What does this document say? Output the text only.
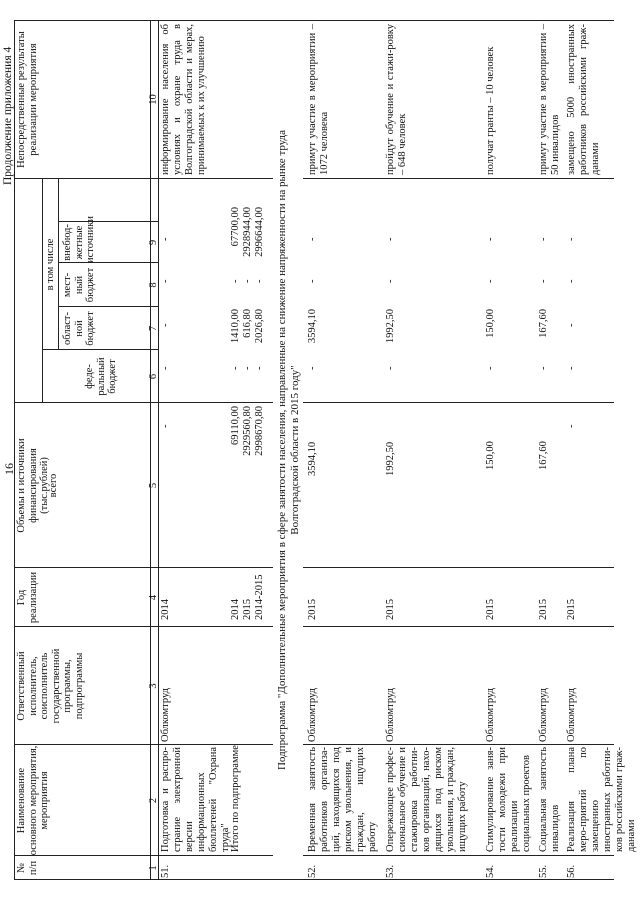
16
Продолжение приложения 4
№
п/п
Наименование
основного мероприятия,
мероприятия
Ответственный
исполнитель,
соисполнитель
государственной
программы,
подпрограммы
Год
реализации
Объемы и источники финансирования
(тыс.рублей)
всего
в том числе
феде-
ральный
бюджет
област-
ной
бюджет
мест-
ный
бюджет
внебюд-
жетные
источники
Непосредственные результаты
реализации мероприятия
1
2
3
4
5
6
7
8
9
10
51.
Подготовка и распро-страние электронной версии информационных бюллетеней "Охрана труда"
Облкомтруд
2014
-
-
-
-
-
информирование населения об условиях и охране труда в Волгоградской области и мерах, принимаемых к их улучшению
Итого по подпрограмме
2014 2015 2014-2015
69110,00 2929560,80 2998670,80
- - -
1410,00 616,80 2026,80
- - -
67700,00 2928944,00 2996644,00 Подпрограмма "Дополнительные мероприятия в сфере занятости населения, направленные на снижение напряженности на рынке труда Волгоградской области в 2015 году"
52.
Временная занятость работников организа-ций, находящихся под риском увольнения, и граждан, ищущих работу
Облкомтруд
2015
3594,10
-
3594,10
-
-
примут участие в мероприятии – 1072 человека
53.
Опережающее профес-сиональное обучение и стажировка работни-ков организаций, нахо-дящихся под риском увольнения, и граждан, ищущих работу
Облкомтруд
2015
1992,50
-
1992,50
-
-
пройдут обучение и стажи-ровку – 648 человек
54.
Стимулирование заня-тости молодежи при реализации социальных проектов
Облкомтруд
2015
150,00
-
150,00
-
-
получат гранты – 10 человек
55.
Социальная занятость инвалидов
Облкомтруд
2015
167,60
-
167,60
-
-
примут участие в мероприятии – 50 инвалидов
56.
Реализация плана меро-приятий по замещению иностранных работни-ков российскими граж-данами
Облкомтруд
2015
-
-
-
-
-
замещено 5000 иностранных работников российскими граж-данами
